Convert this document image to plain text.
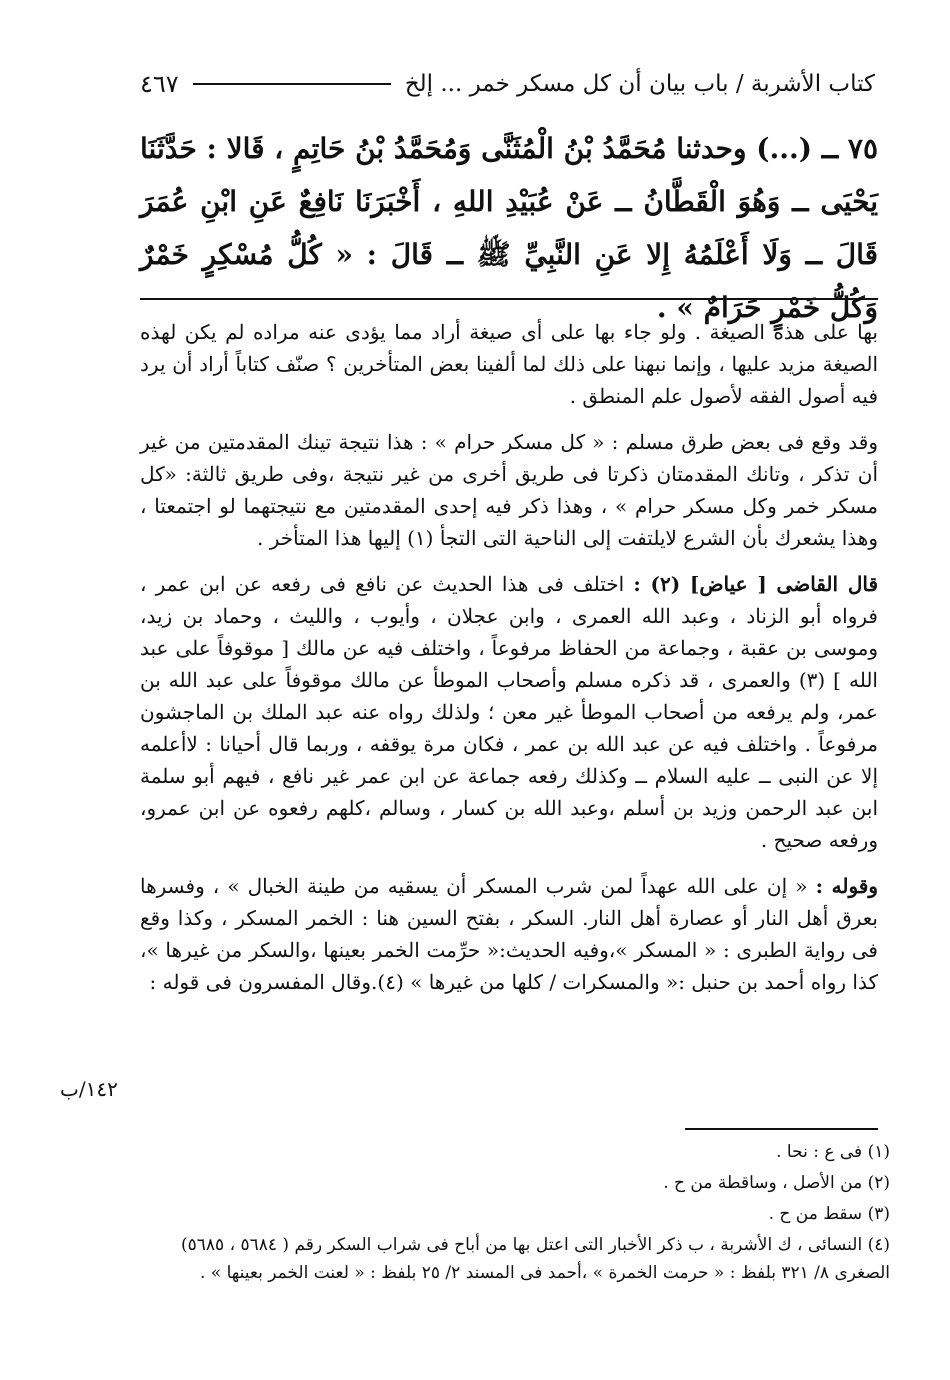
كتاب الأشربة / باب بيان أن كل مسكر خمر ... إلخ
٤٦٧
٧٥ ــ (...) وحدثنا مُحَمَّدُ بْنُ الْمُثَنَّى وَمُحَمَّدُ بْنُ حَاتِمٍ ، قَالا : حَدَّثَنَا يَحْيَى ــ وَهُوَ الْقَطَّانُ ــ عَنْ عُبَيْدِ اللهِ ، أَخْبَرَنَا نَافِعٌ عَنِ ابْنِ عُمَرَ قَالَ ــ وَلَا أَعْلَمُهُ إِلا عَنِ النَّبِيِّ ﷺ ــ قَالَ : « كُلُّ مُسْكِرٍ خَمْرٌ وَكُلُّ خَمْرٍ حَرَامٌ » .

بها على هذه الصيغة . ولو جاء بها على أى صيغة أراد مما يؤدى عنه مراده لم يكن لهذه الصيغة مزيد عليها ، وإنما نبهنا على ذلك لما ألفينا بعض المتأخرين ؟ صنّف كتاباً أراد أن يرد فيه أصول الفقه لأصول علم المنطق .

وقد وقع فى بعض طرق مسلم : « كل مسكر حرام » : هذا نتيجة تينك المقدمتين من غير أن تذكر ، وتانك المقدمتان ذكرتا فى طريق أخرى من غير نتيجة ،وفى طريق ثالثة: «كل مسكر خمر وكل مسكر حرام » ، وهذا ذكر فيه إحدى المقدمتين مع نتيجتهما لو اجتمعتا ، وهذا يشعرك بأن الشرع لايلتفت إلى الناحية التى التجأ (١) إليها هذا المتأخر .

قال القاضى [ عياض] (٢) : اختلف فى هذا الحديث عن نافع فى رفعه عن ابن عمر ، فرواه أبو الزناد ، وعبد الله العمرى ، وابن عجلان ، وأيوب ، والليث ، وحماد بن زيد، وموسى بن عقبة ، وجماعة من الحفاظ مرفوعاً ، واختلف فيه عن مالك [ موقوفاً على عبد الله ] (٣) والعمرى ، قد ذكره مسلم وأصحاب الموطأ عن مالك موقوفاً على عبد الله بن عمر، ولم يرفعه من أصحاب الموطأ غير معن ؛ ولذلك رواه عنه عبد الملك بن الماجشون مرفوعاً . واختلف فيه عن عبد الله بن عمر ، فكان مرة يوقفه ، وربما قال أحيانا : لاأعلمه إلا عن النبى ــ عليه السلام ــ وكذلك رفعه جماعة عن ابن عمر غير نافع ، فيهم أبو سلمة ابن عبد الرحمن وزيد بن أسلم ،وعبد الله بن كسار ، وسالم ،كلهم رفعوه عن ابن عمرو، ورفعه صحيح .

وقوله : « إن على الله عهداً لمن شرب المسكر أن يسقيه من طينة الخبال » ، وفسرها بعرق أهل النار أو عصارة أهل النار. السكر ، بفتح السين هنا : الخمر المسكر ، وكذا وقع فى رواية الطبرى : « المسكر »،وفيه الحديث:« حرِّمت الخمر بعينها ،والسكر من غيرها »، كذا رواه أحمد بن حنبل :« والمسكرات / كلها من غيرها » (٤).وقال المفسرون فى قوله :

١٤٢/ب
(١) فى ع : نحا .
(٢) من الأصل ، وساقطة من ح .
(٣) سقط من ح .
(٤) النسائى ، ك الأشربة ، ب ذكر الأخبار التى اعتل بها من أباح فى شراب السكر رقم ( ٥٦٨٤ ، ٥٦٨٥) الصغرى ٨/ ٣٢١ بلفظ : « حرمت الخمرة » ،أحمد فى المسند ٢/ ٢٥ بلفظ : « لعنت الخمر بعينها » .
